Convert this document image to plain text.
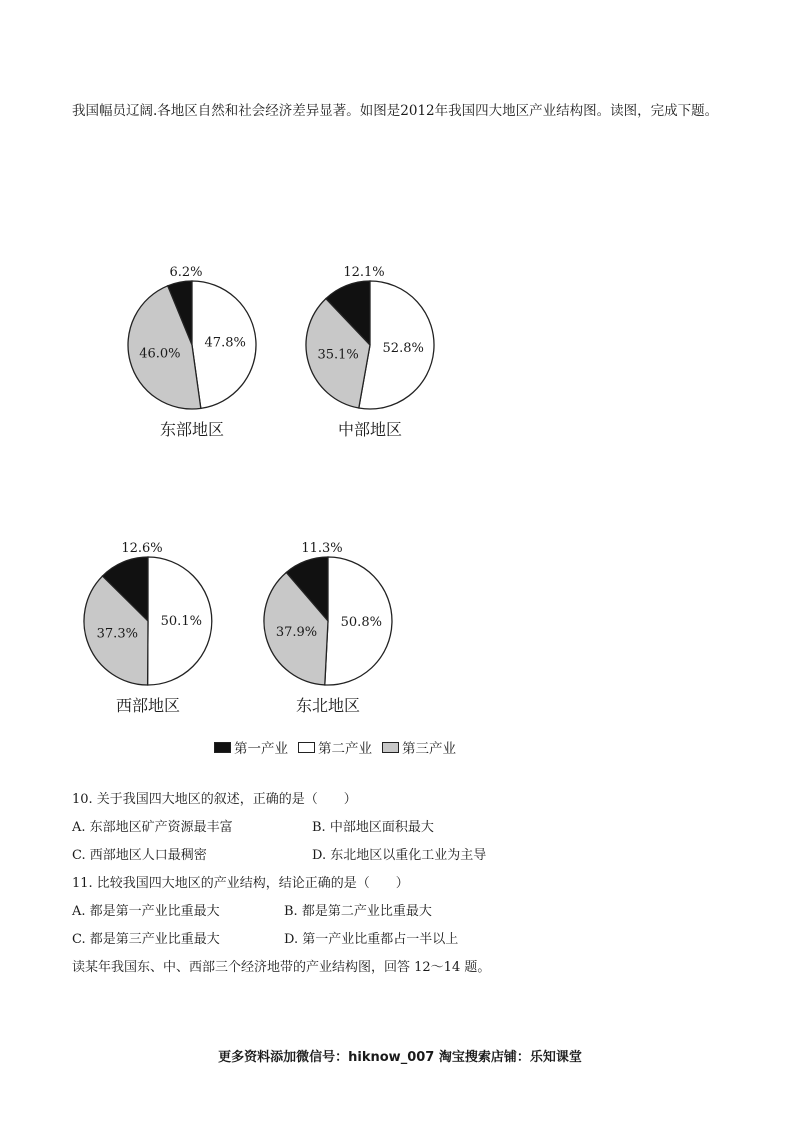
我国幅员辽阔.各地区自然和社会经济差异显著。如图是2012年我国四大地区产业结构图。读图，完成下题。
6.2%
47.8%
46.0%
东部地区
12.1%
52.8%
35.1%
中部地区
12.6%
50.1%
37.3%
西部地区
11.3%
50.8%
37.9%
东北地区
第一产业 第二产业 第三产业
10. 关于我国四大地区的叙述，正确的是（　　）
A. 东部地区矿产资源最丰富	B. 中部地区面积最大
C. 西部地区人口最稠密	D. 东北地区以重化工业为主导
11. 比较我国四大地区的产业结构，结论正确的是（　　）
A. 都是第一产业比重最大	B. 都是第二产业比重最大
C. 都是第三产业比重最大	D. 第一产业比重都占一半以上
读某年我国东、中、西部三个经济地带的产业结构图，回答 12～14 题。
更多资料添加微信号：hiknow_007 淘宝搜索店铺：乐知课堂
